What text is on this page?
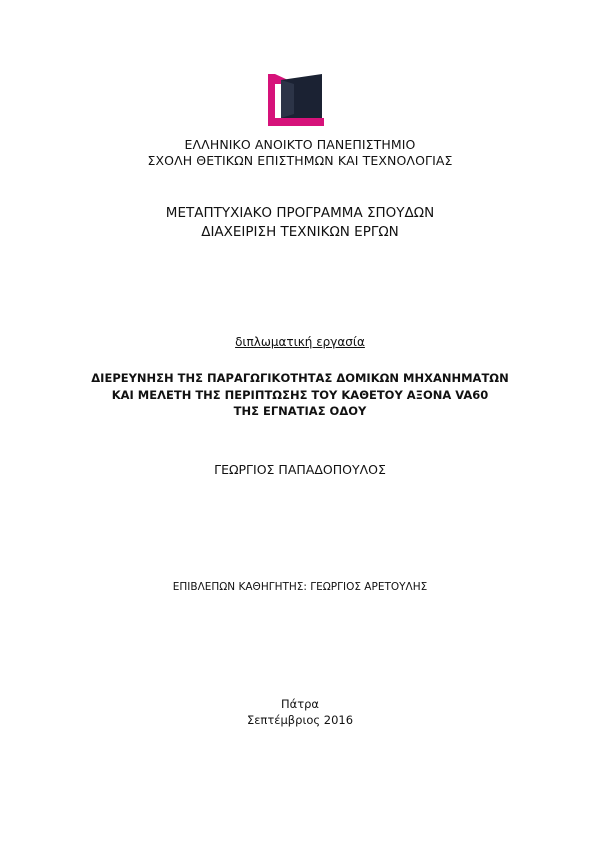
ΕΛΛΗΝΙΚΟ ΑΝΟΙΚΤΟ ΠΑΝΕΠΙΣΤΗΜΙΟ
ΣΧΟΛΗ ΘΕΤΙΚΩΝ ΕΠΙΣΤΗΜΩΝ ΚΑΙ ΤΕΧΝΟΛΟΓΙΑΣ
ΜΕΤΑΠΤΥΧΙΑΚΟ ΠΡΟΓΡΑΜΜΑ ΣΠΟΥΔΩΝ
ΔΙΑΧΕΙΡΙΣΗ ΤΕΧΝΙΚΩΝ ΕΡΓΩΝ
διπλωματική εργασία
ΔΙΕΡΕΥΝΗΣΗ ΤΗΣ ΠΑΡΑΓΩΓΙΚΟΤΗΤΑΣ ΔΟΜΙΚΩΝ ΜΗΧΑΝΗΜΑΤΩΝ
ΚΑΙ ΜΕΛΕΤΗ ΤΗΣ ΠΕΡΙΠΤΩΣΗΣ ΤΟΥ ΚΑΘΕΤΟΥ ΑΞΟΝΑ VA60
ΤΗΣ ΕΓΝΑΤΙΑΣ ΟΔΟΥ
ΓΕΩΡΓΙΟΣ ΠΑΠΑΔΟΠΟΥΛΟΣ
ΕΠΙΒΛΕΠΩΝ ΚΑΘΗΓΗΤΗΣ: ΓΕΩΡΓΙΟΣ ΑΡΕΤΟΥΛΗΣ
Πάτρα
Σεπτέμβριος 2016
